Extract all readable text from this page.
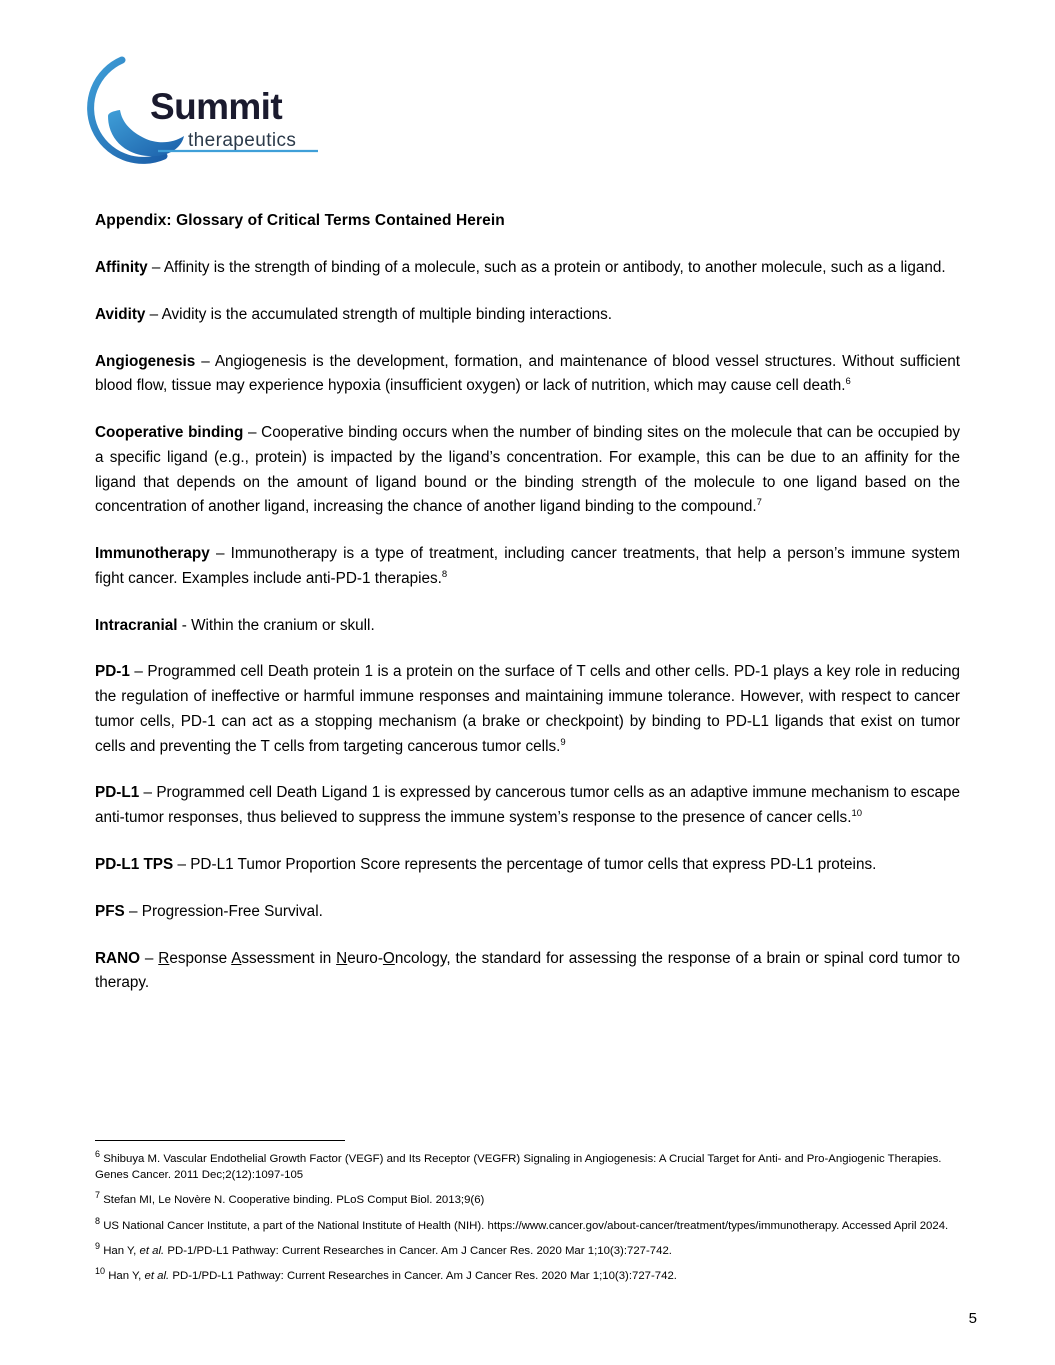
Summit
therapeutics
Appendix: Glossary of Critical Terms Contained Herein

Affinity – Affinity is the strength of binding of a molecule, such as a protein or antibody, to another molecule, such as a ligand.

Avidity – Avidity is the accumulated strength of multiple binding interactions.

Angiogenesis – Angiogenesis is the development, formation, and maintenance of blood vessel structures. Without sufficient blood flow, tissue may experience hypoxia (insufficient oxygen) or lack of nutrition, which may cause cell death.$^6$

Cooperative binding – Cooperative binding occurs when the number of binding sites on the molecule that can be occupied by a specific ligand (e.g., protein) is impacted by the ligand’s concentration. For example, this can be due to an affinity for the ligand that depends on the amount of ligand bound or the binding strength of the molecule to one ligand based on the concentration of another ligand, increasing the chance of another ligand binding to the compound.$^7$

Immunotherapy – Immunotherapy is a type of treatment, including cancer treatments, that help a person’s immune system fight cancer. Examples include anti-PD-1 therapies.$^8$

Intracranial - Within the cranium or skull.

PD-1 – Programmed cell Death protein 1 is a protein on the surface of T cells and other cells. PD-1 plays a key role in reducing the regulation of ineffective or harmful immune responses and maintaining immune tolerance. However, with respect to cancer tumor cells, PD-1 can act as a stopping mechanism (a brake or checkpoint) by binding to PD-L1 ligands that exist on tumor cells and preventing the T cells from targeting cancerous tumor cells.$^9$

PD-L1 – Programmed cell Death Ligand 1 is expressed by cancerous tumor cells as an adaptive immune mechanism to escape anti-tumor responses, thus believed to suppress the immune system’s response to the presence of cancer cells.$^{10}$

PD-L1 TPS – PD-L1 Tumor Proportion Score represents the percentage of tumor cells that express PD-L1 proteins.

PFS – Progression-Free Survival.

RANO – Response Assessment in Neuro-Oncology, the standard for assessing the response of a brain or spinal cord tumor to therapy.

$^6$ Shibuya M. Vascular Endothelial Growth Factor (VEGF) and Its Receptor (VEGFR) Signaling in Angiogenesis: A Crucial Target for Anti- and Pro-Angiogenic Therapies. Genes Cancer. 2011 Dec;2(12):1097-105

$^7$ Stefan MI, Le Novère N. Cooperative binding. PLoS Comput Biol. 2013;9(6)

$^8$ US National Cancer Institute, a part of the National Institute of Health (NIH). https://www.cancer.gov/about-cancer/treatment/types/immunotherapy. Accessed April 2024.

$^9$ Han Y, et al. PD-1/PD-L1 Pathway: Current Researches in Cancer. Am J Cancer Res. 2020 Mar 1;10(3):727-742.

$^{10}$ Han Y, et al. PD-1/PD-L1 Pathway: Current Researches in Cancer. Am J Cancer Res. 2020 Mar 1;10(3):727-742.

5
